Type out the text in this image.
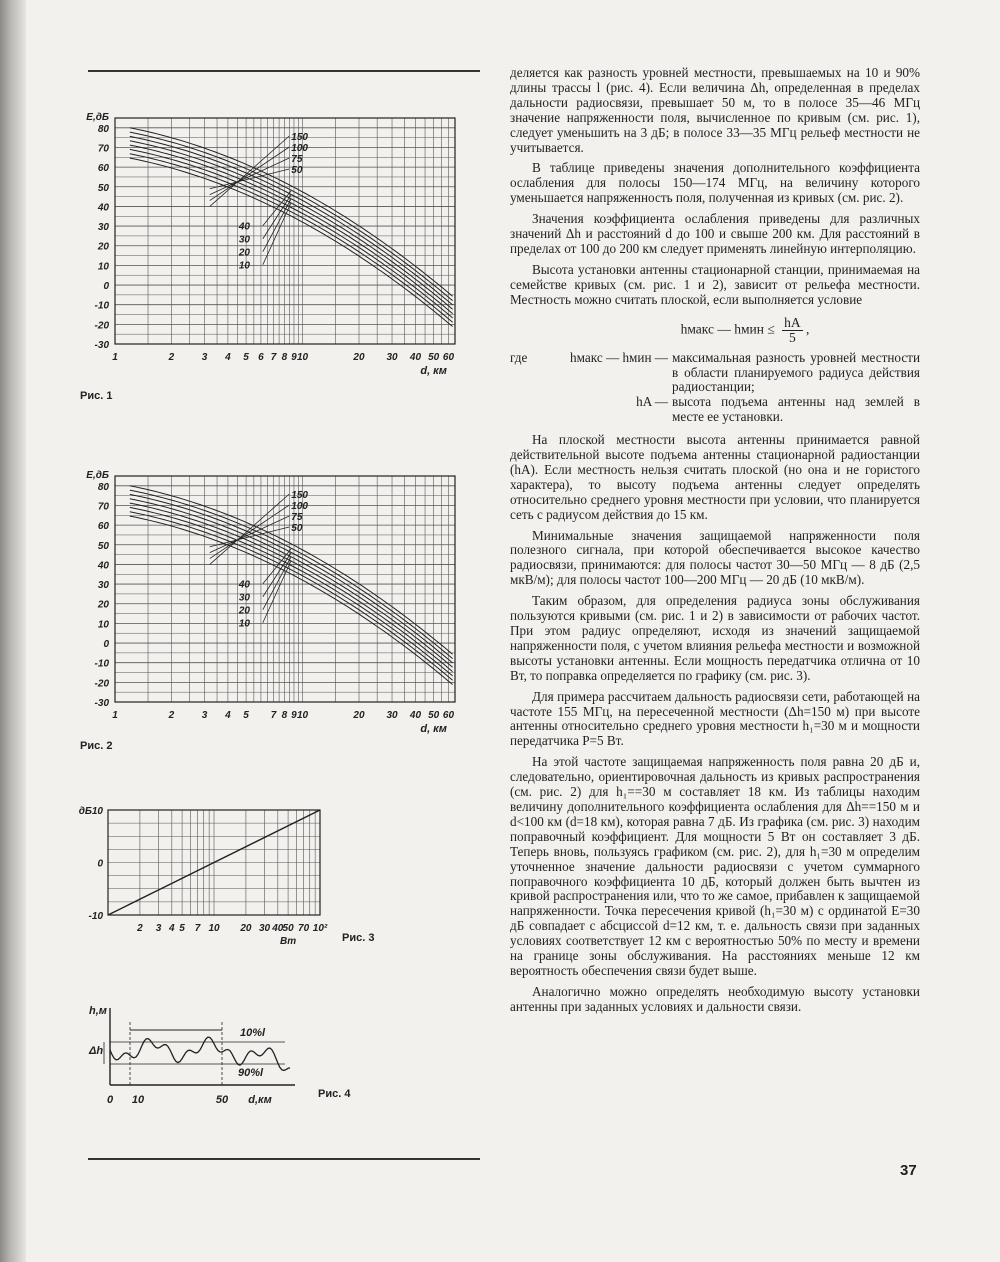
80
70
60
50
40
30
20
10
0
-10
-20
-30
E,дБ
1	2	3 4 5 6 7 8 9 10	20 30 40 50 60
d, км
150
100
75
50
40
30
20
10
Рис. 1
80
70
60
50
40
30
20
10
0
-10
-20
-30
E,дБ
1	2	3 4 5 7 8 9 10	20 30 40 50 60
d, км
150
100
75
50
40
30
20
10
Рис. 2
10
0
-10
дБ
2 3 4 5 7 10 20 30 40 50 70 10²
Вт	Рис. 3
h,м
Δh
10%l
90%l
0 10	50 d,км	Рис. 4

деляется как разность уровней местности, превышаемых на 10 и 90% длины трассы l (рис. 4). Если величина Δh, определенная в пределах дальности радиосвязи, превышает 50 м, то в полосе 35—46 МГц значение напряженности поля, вычисленное по кривым (см. рис. 1), следует уменьшить на 3 дБ; в полосе 33—35 МГц рельеф местности не учитывается.

В таблице приведены значения дополнительного коэффициента ослабления для полосы 150—174 МГц, на величину которого уменьшается напряженность поля, полученная из кривых (см. рис. 2).

Значения коэффициента ослабления приведены для различных значений Δh и расстояний d до 100 и свыше 200 км. Для расстояний в пределах от 100 до 200 км следует применять линейную интерполяцию.

Высота установки антенны стационарной станции, принимаемая на семействе кривых (см. рис. 1 и 2), зависит от рельефа местности. Местность можно считать плоской, если выполняется условие

hмакс — hмин ≤ $\frac{hA}{5}$ ,
где	hмакс — hмин — максимальная разность уровней местности в области планируемого радиуса действия радиостанции;
hA — высота подъема антенны над землей в месте ее установки.

На плоской местности высота антенны принимается равной действительной высоте подъема антенны стационарной радиостанции (hA). Если местность нельзя считать плоской (но она и не гористого характера), то высоту подъема антенны следует определять относительно среднего уровня местности при условии, что планируется сеть с радиусом действия до 15 км.

Минимальные значения защищаемой напряженности поля полезного сигнала, при которой обеспечивается высокое качество радиосвязи, принимаются: для полосы частот 30—50 МГц — 8 дБ (2,5 мкВ/м); для полосы частот 100—200 МГц — 20 дБ (10 мкВ/м).

Таким образом, для определения радиуса зоны обслуживания пользуются кривыми (см. рис. 1 и 2) в зависимости от рабочих частот. При этом радиус определяют, исходя из значений защищаемой напряженности поля, с учетом влияния рельефа местности и возможной высоты установки антенны. Если мощность передатчика отлична от 10 Вт, то поправка определяется по графику (см. рис. 3).

Для примера рассчитаем дальность радиосвязи сети, работающей на частоте 155 МГц, на пересеченной местности (Δh=150 м) при высоте антенны относительно среднего уровня местности h₁=30 м и мощности передатчика P=5 Вт.

На этой частоте защищаемая напряженность поля равна 20 дБ и, следовательно, ориентировочная дальность из кривых распространения (см. рис. 2) для h₁==30 м составляет 18 км. Из таблицы находим величину дополнительного коэффициента ослабления для Δh==150 м и d<100 км (d=18 км), которая равна 7 дБ. Из графика (см. рис. 3) находим поправочный коэффициент. Для мощности 5 Вт он составляет 3 дБ. Теперь вновь, пользуясь графиком (см. рис. 2), для h₁=30 м определим уточненное значение дальности радиосвязи с учетом суммарного поправочного коэффициента 10 дБ, который должен быть вычтен из кривой распространения или, что то же самое, прибавлен к защищаемой напряженности. Точка пересечения кривой (h₁=30 м) с ординатой E=30 дБ совпадает с абсциссой d=12 км, т. е. дальность связи при заданных условиях соответствует 12 км с вероятностью 50% по месту и времени на границе зоны обслуживания. На расстояниях меньше 12 км вероятность обеспечения связи будет выше.

Аналогично можно определять необходимую высоту установки антенны при заданных условиях и дальности связи.

37
